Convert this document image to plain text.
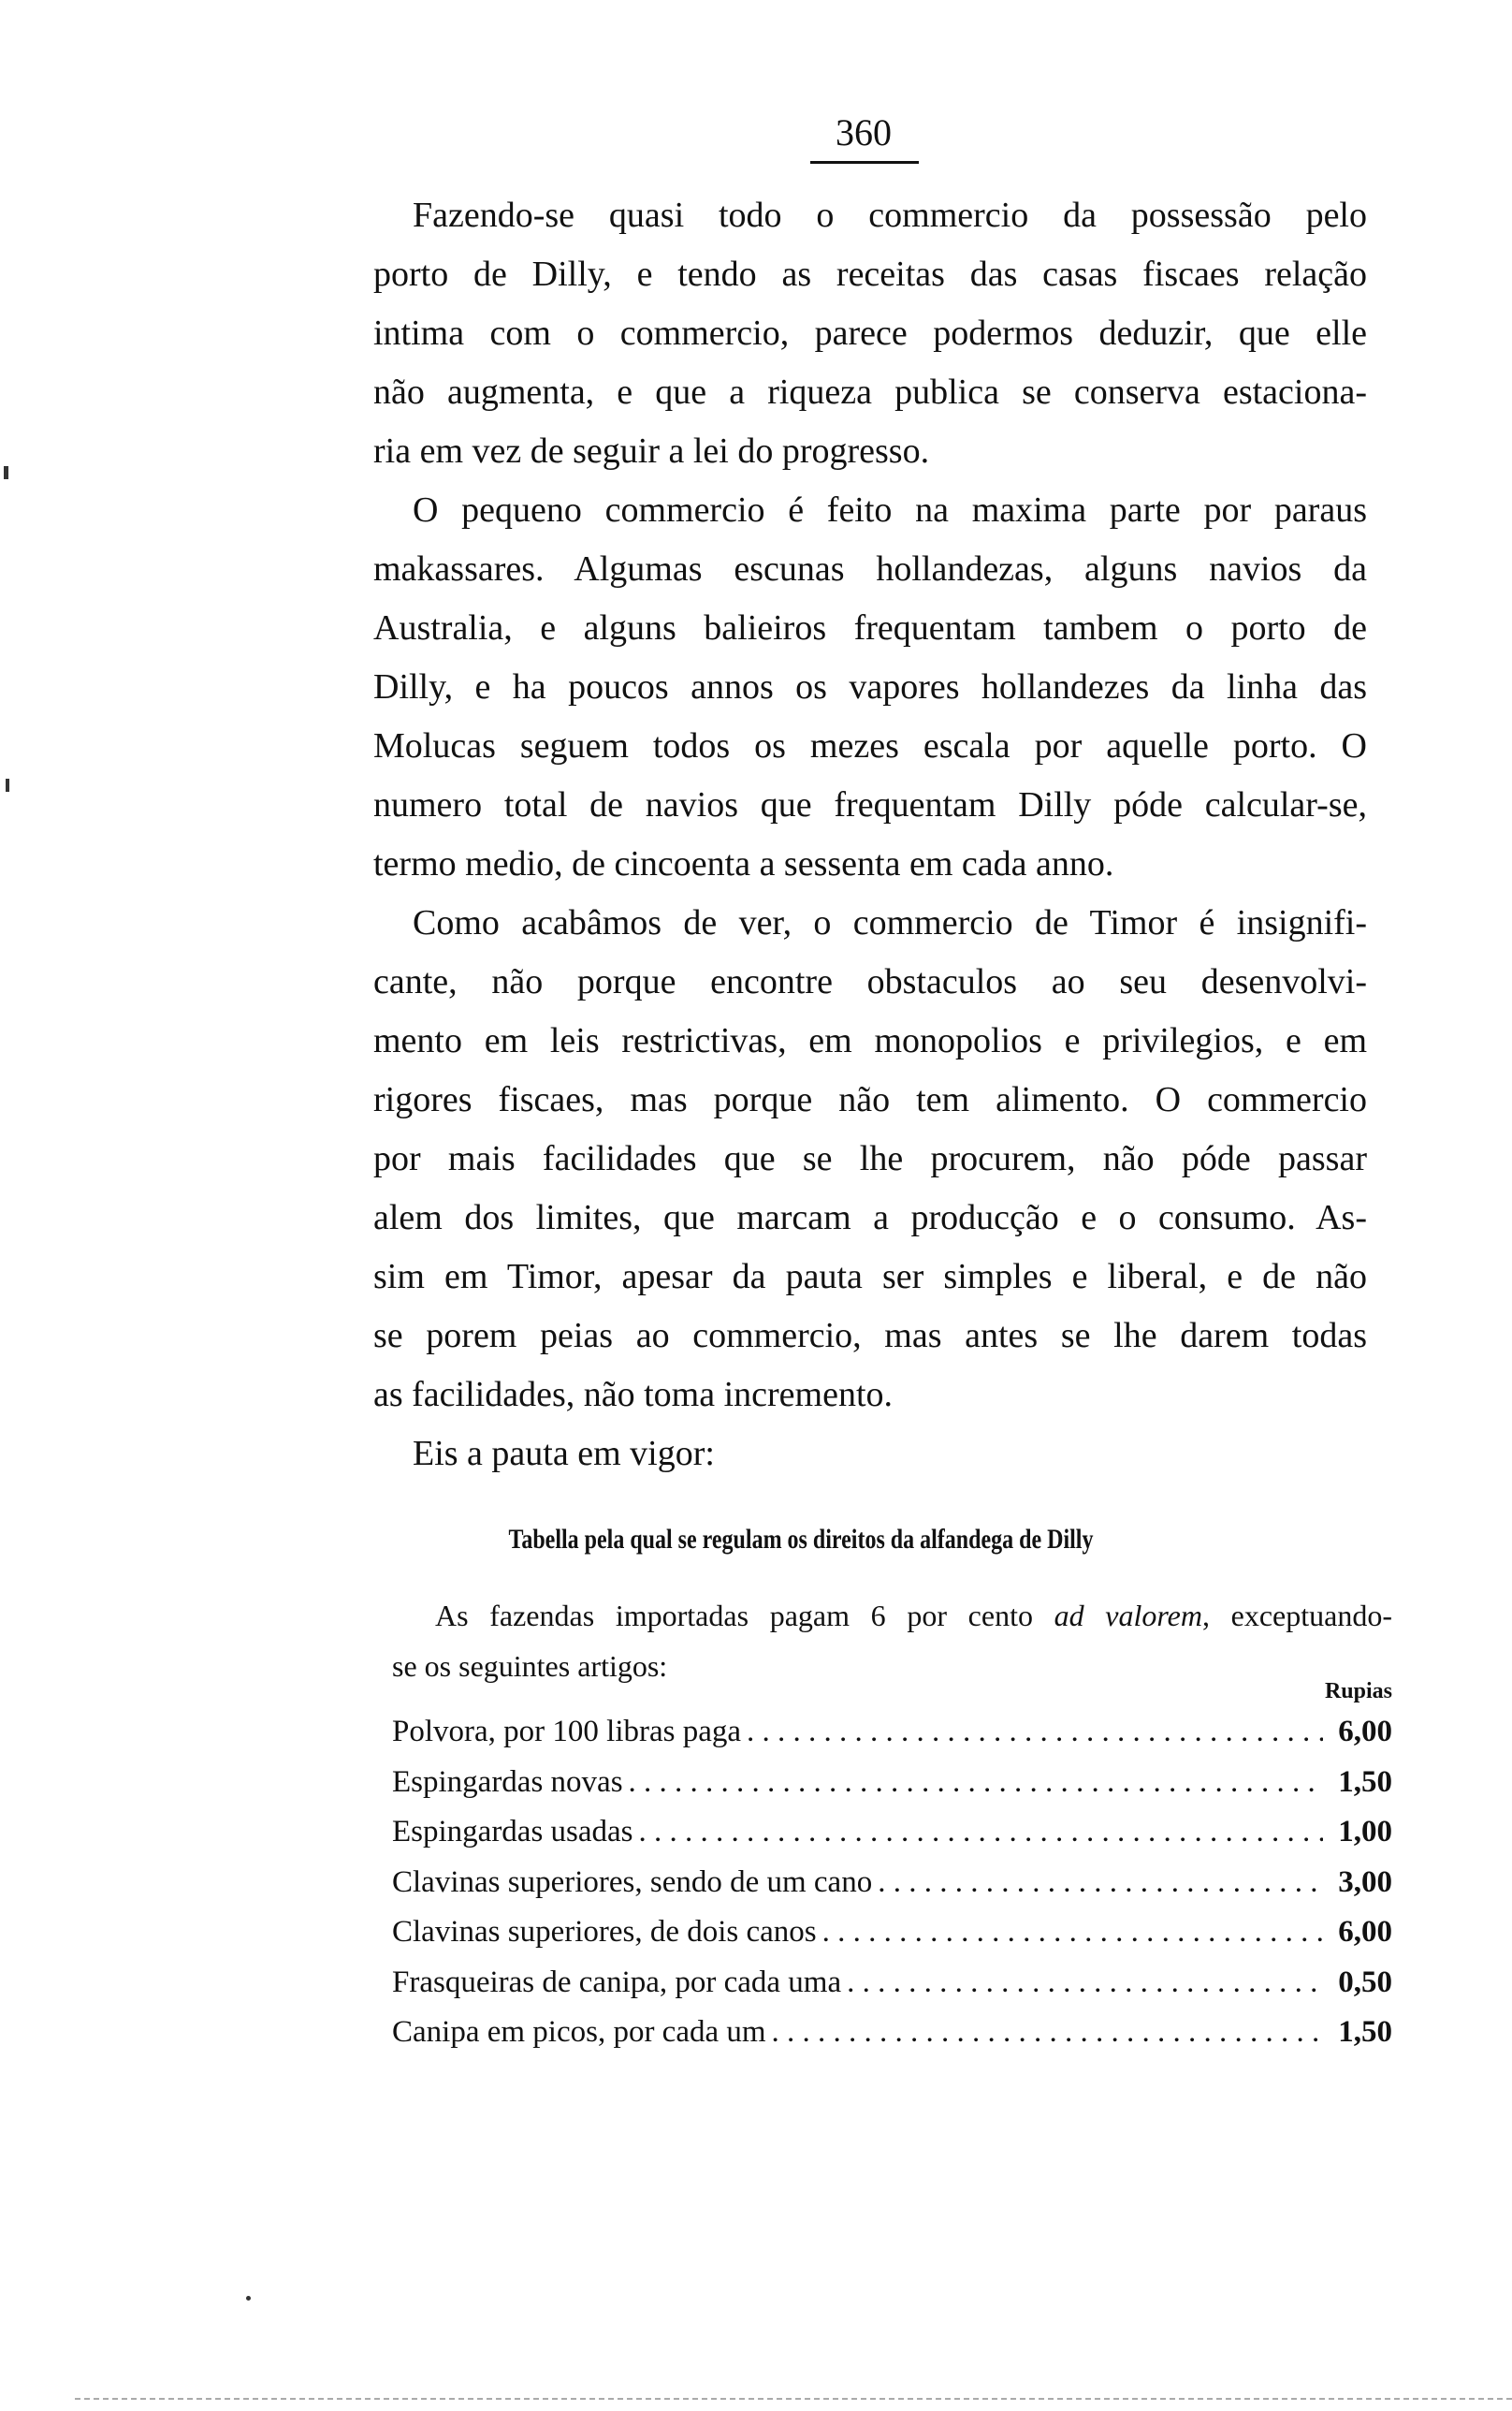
360
Fazendo-se quasi todo o commercio da possessão pelo
porto de Dilly, e tendo as receitas das casas fiscaes relação
intima com o commercio, parece podermos deduzir, que elle
não augmenta, e que a riqueza publica se conserva estaciona-
ria em vez de seguir a lei do progresso.
O pequeno commercio é feito na maxima parte por paraus
makassares. Algumas escunas hollandezas, alguns navios da
Australia, e alguns balieiros frequentam tambem o porto de
Dilly, e ha poucos annos os vapores hollandezes da linha das
Molucas seguem todos os mezes escala por aquelle porto. O
numero total de navios que frequentam Dilly póde calcular-se,
termo medio, de cincoenta a sessenta em cada anno.
Como acabâmos de ver, o commercio de Timor é insignifi-
cante, não porque encontre obstaculos ao seu desenvolvi-
mento em leis restrictivas, em monopolios e privilegios, e em
rigores fiscaes, mas porque não tem alimento. O commercio
por mais facilidades que se lhe procurem, não póde passar
alem dos limites, que marcam a producção e o consumo. As-
sim em Timor, apesar da pauta ser simples e liberal, e de não
se porem peias ao commercio, mas antes se lhe darem todas
as facilidades, não toma incremento.
Eis a pauta em vigor:
Tabella pela qual se regulam os direitos da alfandega de Dilly
As fazendas importadas pagam 6 por cento ad valorem, exceptuando-
se os seguintes artigos:
Rupias
Polvora, por 100 libras paga . . .	6,00
Espingardas novas . . .	1,50
Espingardas usadas . . .	1,00
Clavinas superiores, sendo de um cano . . .	3,00
Clavinas superiores, de dois canos . . .	6,00
Frasqueiras de canipa, por cada uma . . .	0,50
Canipa em picos, por cada um . . .	1,50
